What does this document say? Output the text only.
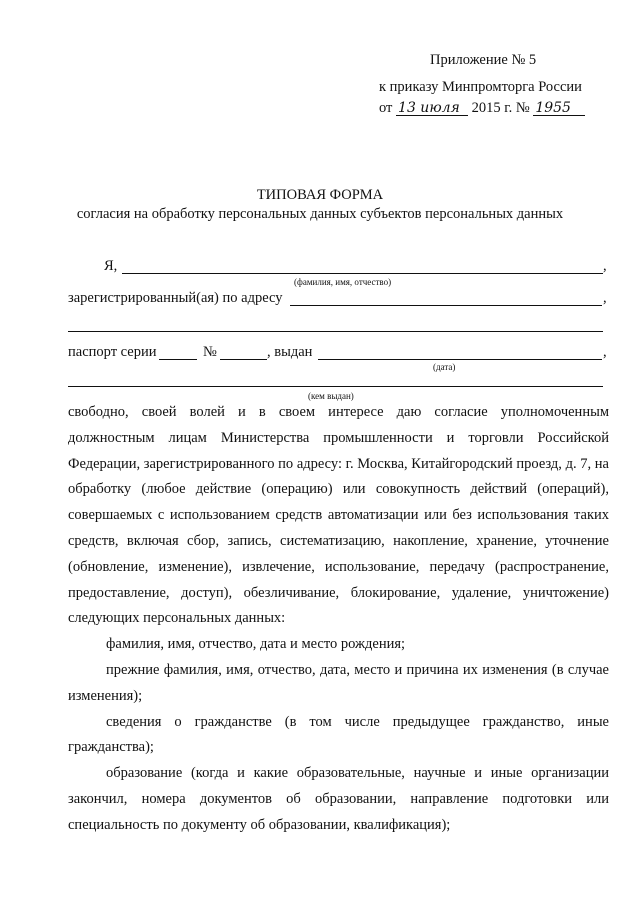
Приложение № 5
к приказу Минпромторга России
от 13 июля 2015 г. № 1955
ТИПОВАЯ ФОРМА
согласия на обработку персональных данных субъектов персональных данных
Я,	,
(фамилия, имя, отчество)
зарегистрированный(ая) по адресу	,
паспорт серии	№	, выдан	,
(дата)
(кем выдан)

свободно, своей волей и в своем интересе даю согласие уполномоченным должностным лицам Министерства промышленности и торговли Российской Федерации, зарегистрированного по адресу: г. Москва, Китайгородский проезд, д. 7, на обработку (любое действие (операцию) или совокупность действий (операций), совершаемых с использованием средств автоматизации или без использования таких средств, включая сбор, запись, систематизацию, накопление, хранение, уточнение (обновление, изменение), извлечение, использование, передачу (распространение, предоставление, доступ), обезличивание, блокирование, удаление, уничтожение) следующих персональных данных:

фамилия, имя, отчество, дата и место рождения;

прежние фамилия, имя, отчество, дата, место и причина их изменения (в случае изменения);

сведения о гражданстве (в том числе предыдущее гражданство, иные гражданства);

образование (когда и какие образовательные, научные и иные организации закончил, номера документов об образовании, направление подготовки или специальность по документу об образовании, квалификация);
